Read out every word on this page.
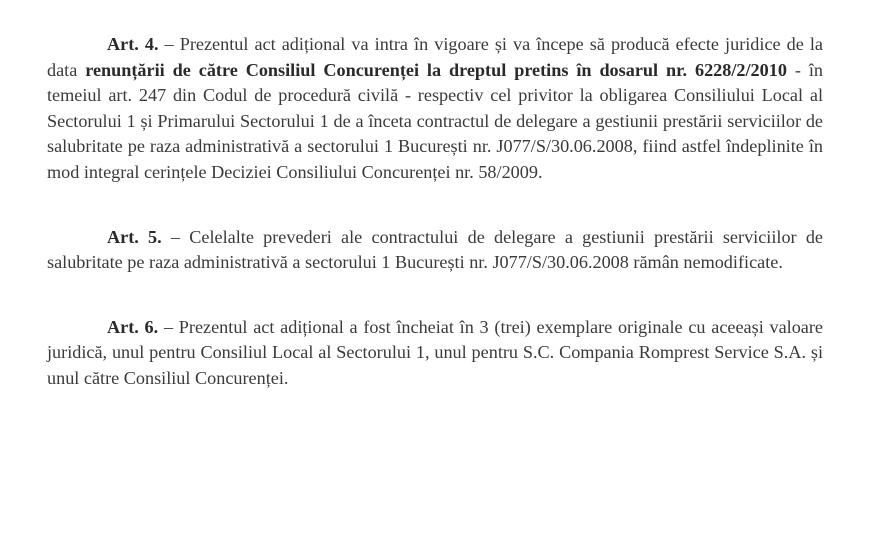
Art. 4. – Prezentul act adițional va intra în vigoare și va începe să producă efecte juridice de la data renunțării de către Consiliul Concurenței la dreptul pretins în dosarul nr. 6228/2/2010 - în temeiul art. 247 din Codul de procedură civilă - respectiv cel privitor la obligarea Consiliului Local al Sectorului 1 și Primarului Sectorului 1 de a înceta contractul de delegare a gestiunii prestării serviciilor de salubritate pe raza administrativă a sectorului 1 București nr. J077/S/30.06.2008, fiind astfel îndeplinite în mod integral cerințele Deciziei Consiliului Concurenței nr. 58/2009.

Art. 5. – Celelalte prevederi ale contractului de delegare a gestiunii prestării serviciilor de salubritate pe raza administrativă a sectorului 1 București nr. J077/S/30.06.2008 rămân nemodificate.

Art. 6. – Prezentul act adițional a fost încheiat în 3 (trei) exemplare originale cu aceeași valoare juridică, unul pentru Consiliul Local al Sectorului 1, unul pentru S.C. Compania Romprest Service S.A. și unul către Consiliul Concurenței.
